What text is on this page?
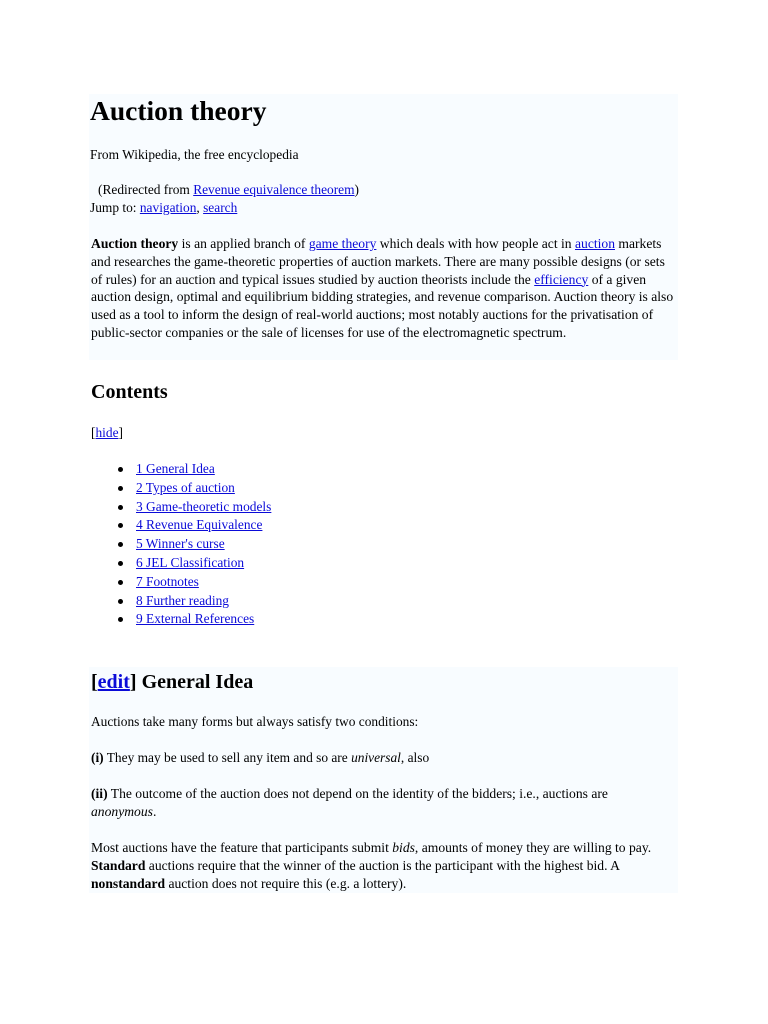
Auction theory

From Wikipedia, the free encyclopedia

(Redirected from Revenue equivalence theorem)

Jump to: navigation, search

Auction theory is an applied branch of game theory which deals with how people act in auction markets and researches the game-theoretic properties of auction markets. There are many possible designs (or sets of rules) for an auction and typical issues studied by auction theorists include the efficiency of a given auction design, optimal and equilibrium bidding strategies, and revenue comparison. Auction theory is also used as a tool to inform the design of real-world auctions; most notably auctions for the privatisation of public-sector companies or the sale of licenses for use of the electromagnetic spectrum.

Contents

[hide]

1 General Idea
2 Types of auction
3 Game-theoretic models
4 Revenue Equivalence
5 Winner's curse
6 JEL Classification
7 Footnotes
8 Further reading
9 External References
[edit] General Idea

Auctions take many forms but always satisfy two conditions:

(i) They may be used to sell any item and so are universal, also

(ii) The outcome of the auction does not depend on the identity of the bidders; i.e., auctions are anonymous.

Most auctions have the feature that participants submit bids, amounts of money they are willing to pay. Standard auctions require that the winner of the auction is the participant with the highest bid. A nonstandard auction does not require this (e.g. a lottery).
